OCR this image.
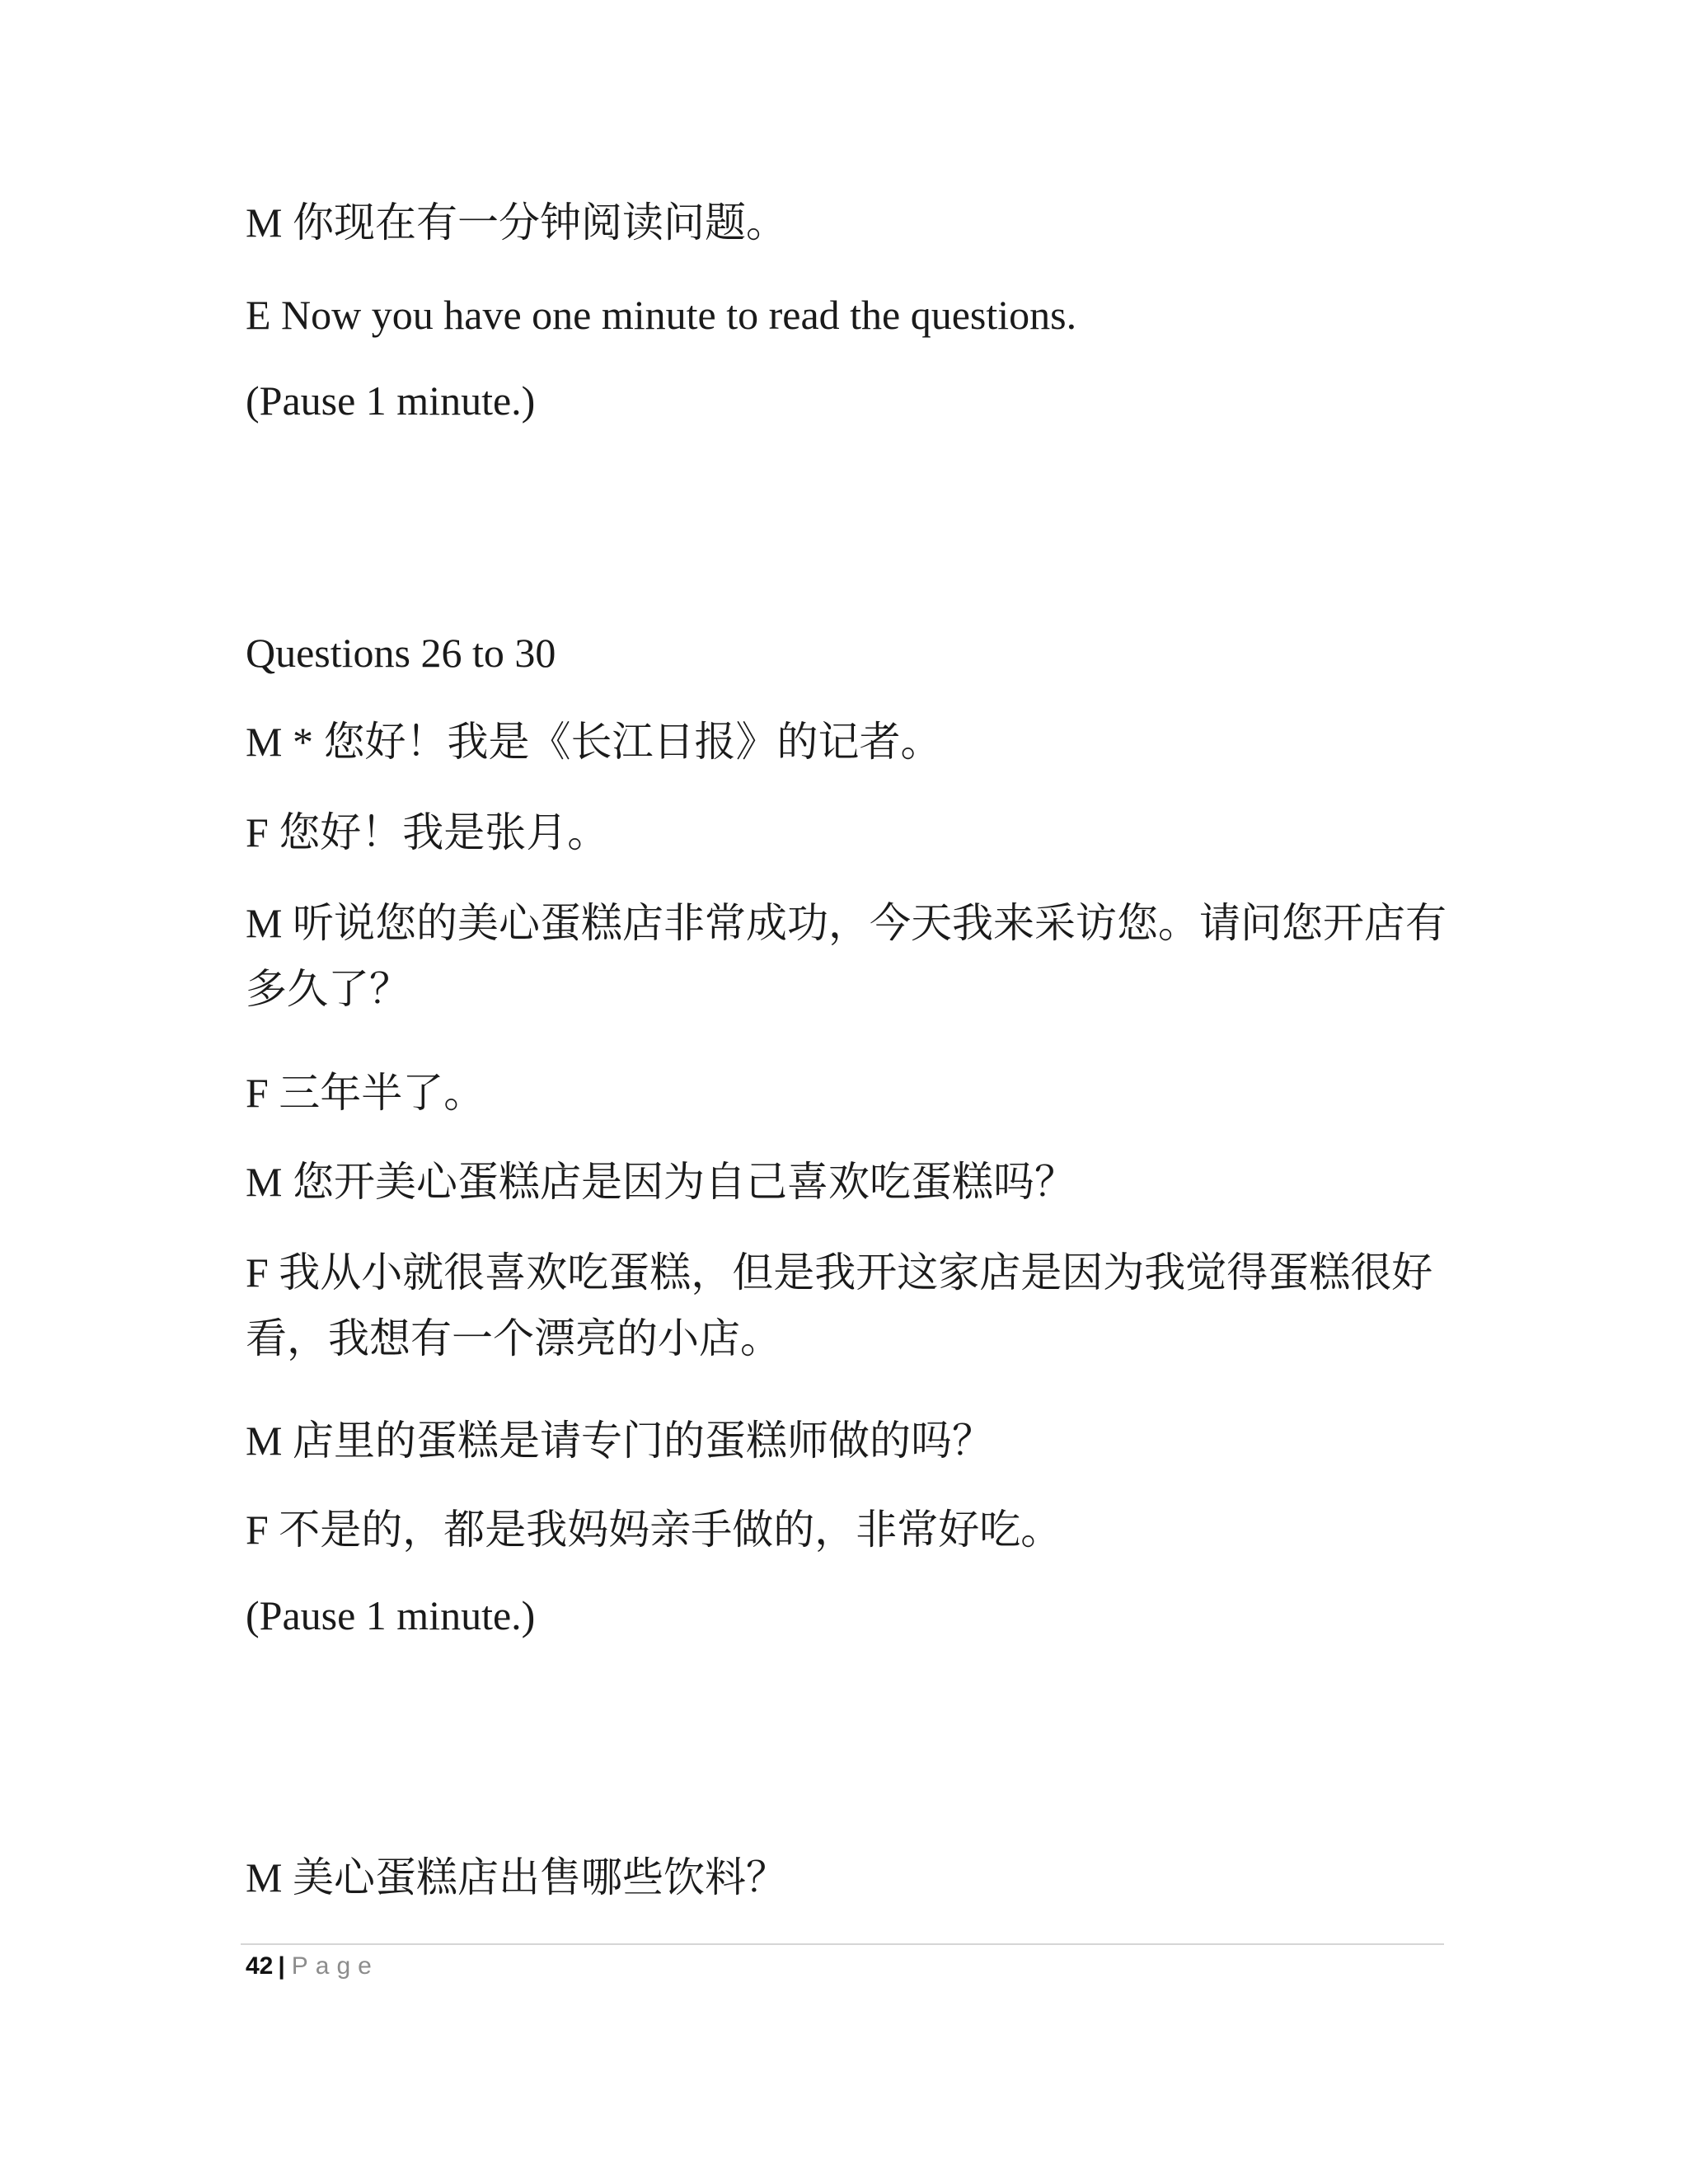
M 你现在有一分钟阅读问题。

E Now you have one minute to read the questions.

(Pause 1 minute.)

Questions 26 to 30

M * 您好！我是《长江日报》的记者。

F 您好！我是张月。

M 听说您的美心蛋糕店非常成功，今天我来采访您。请问您开店有多久了？

F 三年半了。

M 您开美心蛋糕店是因为自己喜欢吃蛋糕吗？

F 我从小就很喜欢吃蛋糕，但是我开这家店是因为我觉得蛋糕很好看，我想有一个漂亮的小店。

M 店里的蛋糕是请专门的蛋糕师做的吗？

F 不是的，都是我妈妈亲手做的，非常好吃。

(Pause 1 minute.)

M 美心蛋糕店出售哪些饮料？

42 | Page
